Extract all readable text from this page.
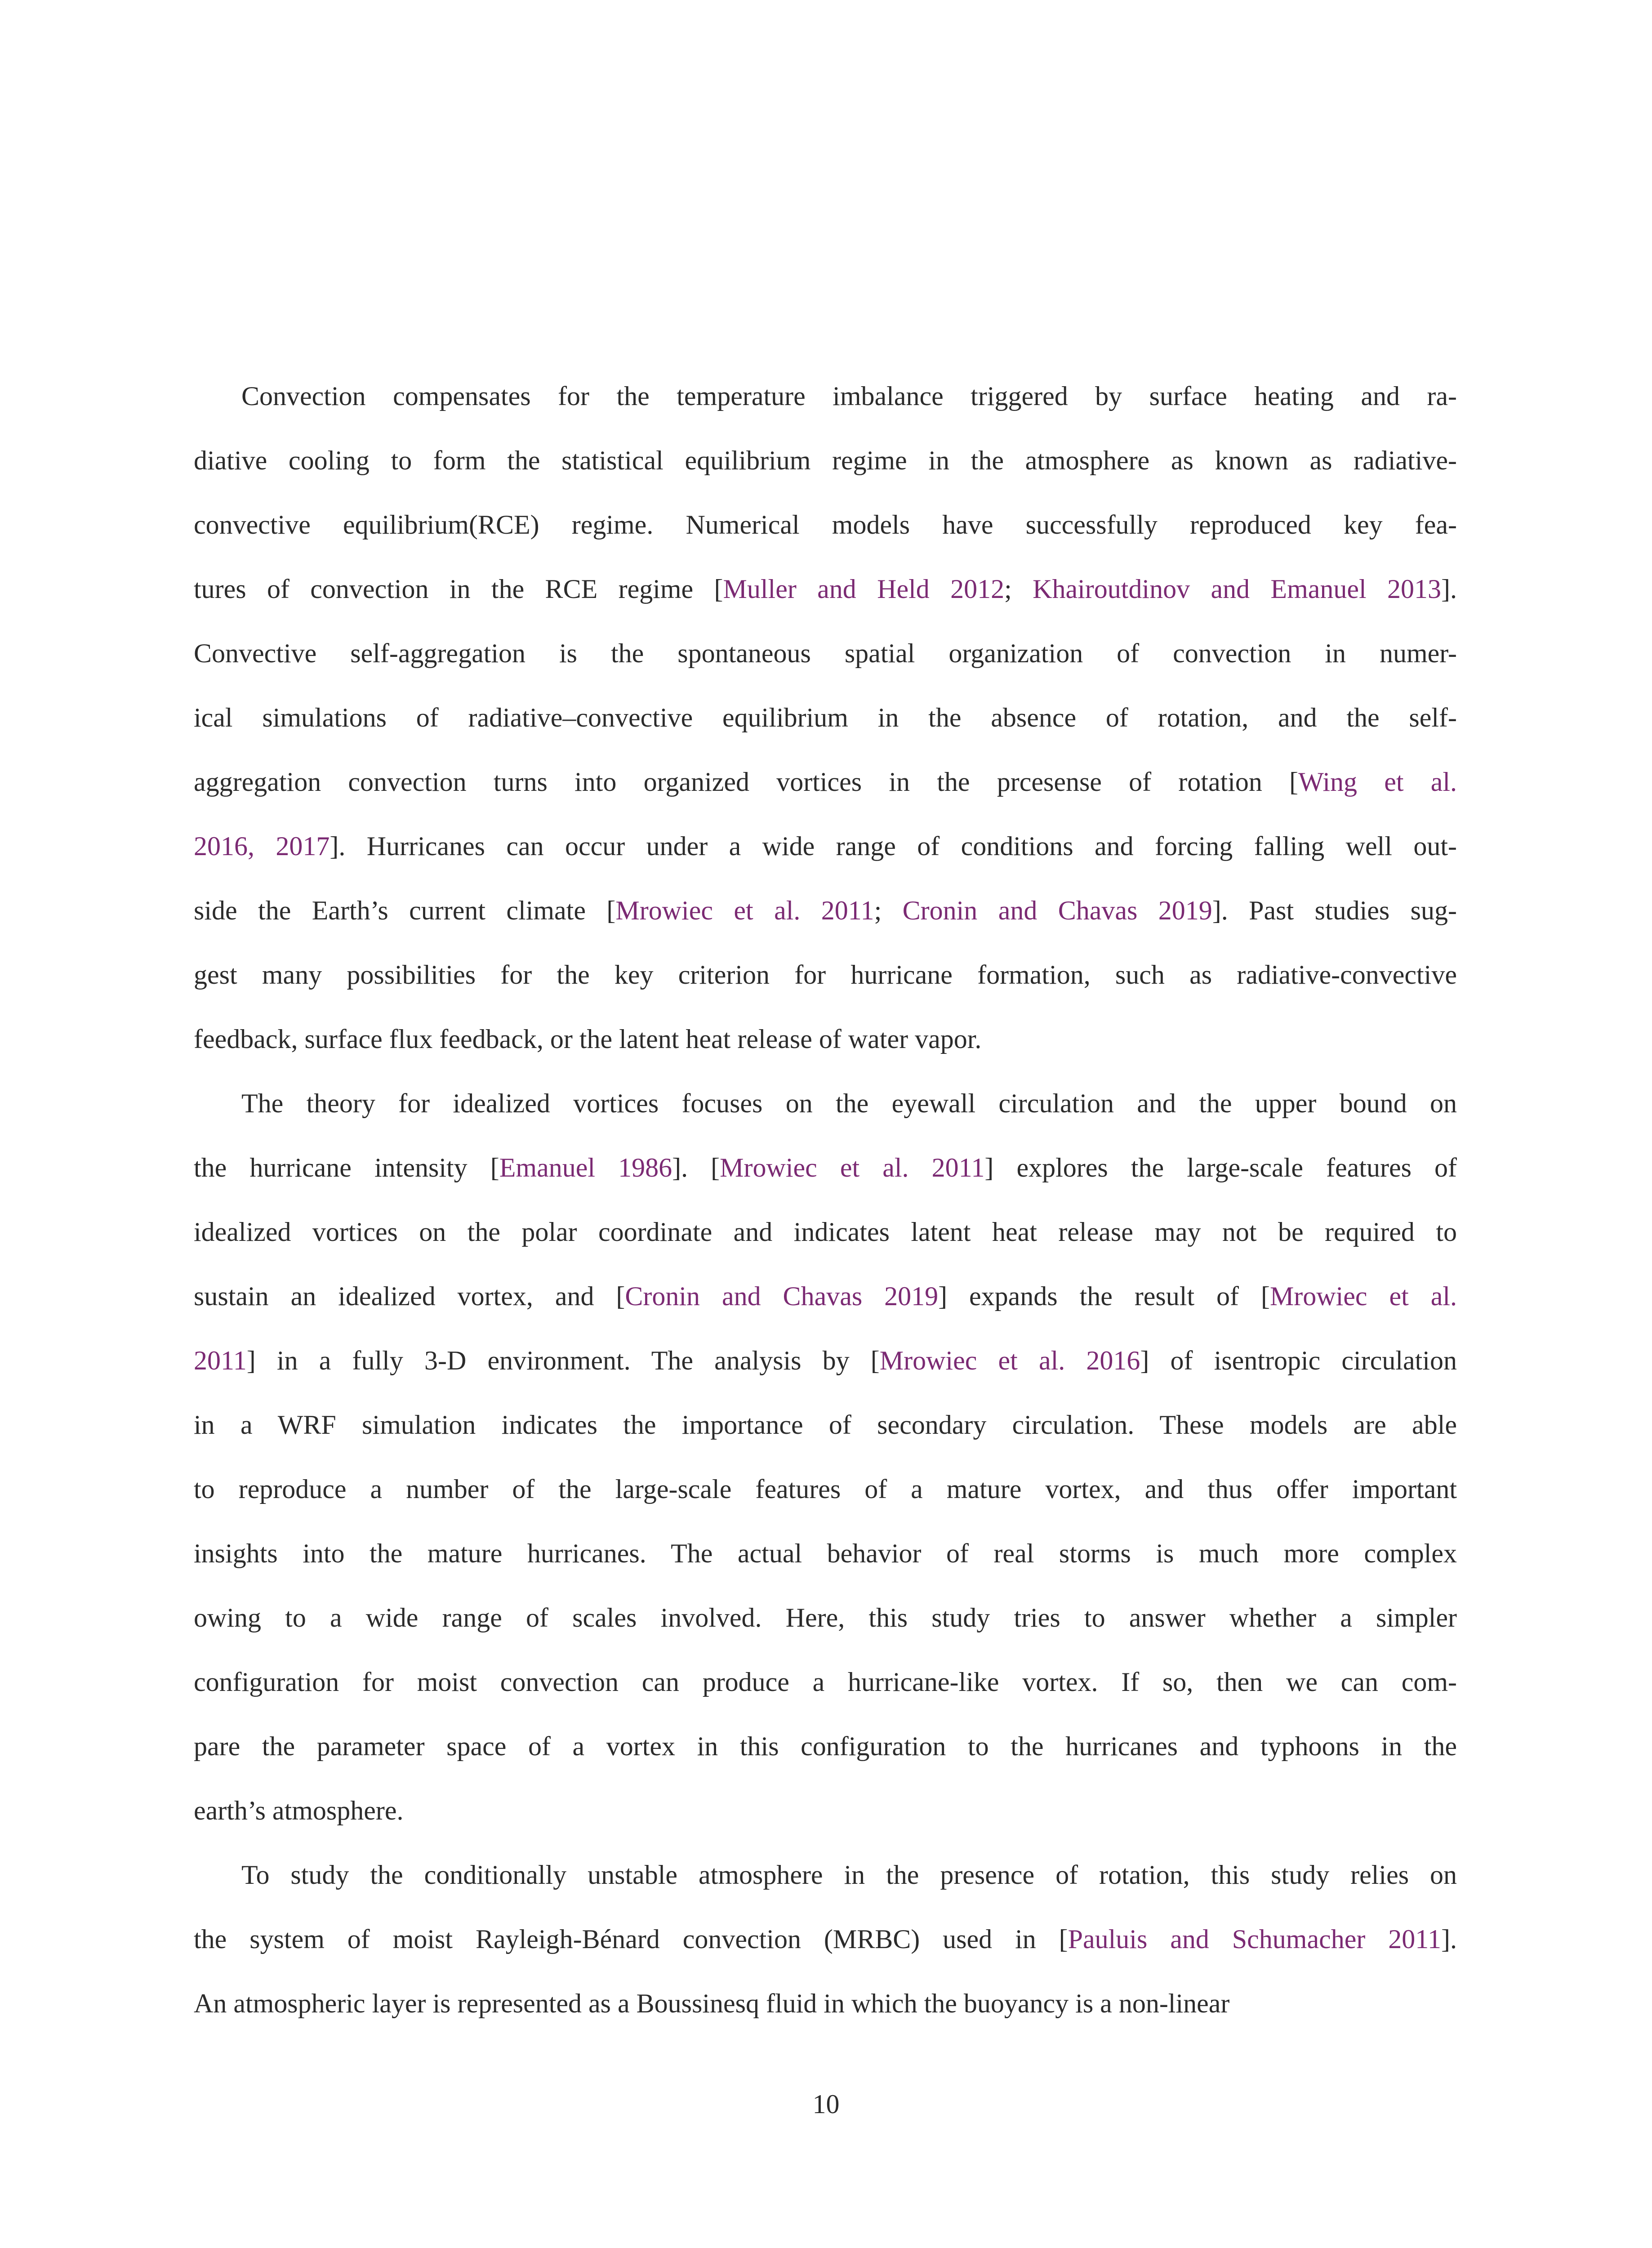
Convection compensates for the temperature imbalance triggered by surface heating and ra-
diative cooling to form the statistical equilibrium regime in the atmosphere as known as radiative-
convective equilibrium(RCE) regime. Numerical models have successfully reproduced key fea-
tures of convection in the RCE regime [Muller and Held 2012; Khairoutdinov and Emanuel 2013].
Convective self-aggregation is the spontaneous spatial organization of convection in numer-
ical simulations of radiative–convective equilibrium in the absence of rotation, and the self-
aggregation convection turns into organized vortices in the prcesense of rotation [Wing et al.
2016, 2017]. Hurricanes can occur under a wide range of conditions and forcing falling well out-
side the Earth’s current climate [Mrowiec et al. 2011; Cronin and Chavas 2019]. Past studies sug-
gest many possibilities for the key criterion for hurricane formation, such as radiative-convective
feedback, surface flux feedback, or the latent heat release of water vapor.
The theory for idealized vortices focuses on the eyewall circulation and the upper bound on
the hurricane intensity [Emanuel 1986]. [Mrowiec et al. 2011] explores the large-scale features of
idealized vortices on the polar coordinate and indicates latent heat release may not be required to
sustain an idealized vortex, and [Cronin and Chavas 2019] expands the result of [Mrowiec et al.
2011] in a fully 3-D environment. The analysis by [Mrowiec et al. 2016] of isentropic circulation
in a WRF simulation indicates the importance of secondary circulation. These models are able
to reproduce a number of the large-scale features of a mature vortex, and thus offer important
insights into the mature hurricanes. The actual behavior of real storms is much more complex
owing to a wide range of scales involved. Here, this study tries to answer whether a simpler
configuration for moist convection can produce a hurricane-like vortex. If so, then we can com-
pare the parameter space of a vortex in this configuration to the hurricanes and typhoons in the
earth’s atmosphere.
To study the conditionally unstable atmosphere in the presence of rotation, this study relies on
the system of moist Rayleigh-Bénard convection (MRBC) used in [Pauluis and Schumacher 2011].
An atmospheric layer is represented as a Boussinesq fluid in which the buoyancy is a non-linear
10
